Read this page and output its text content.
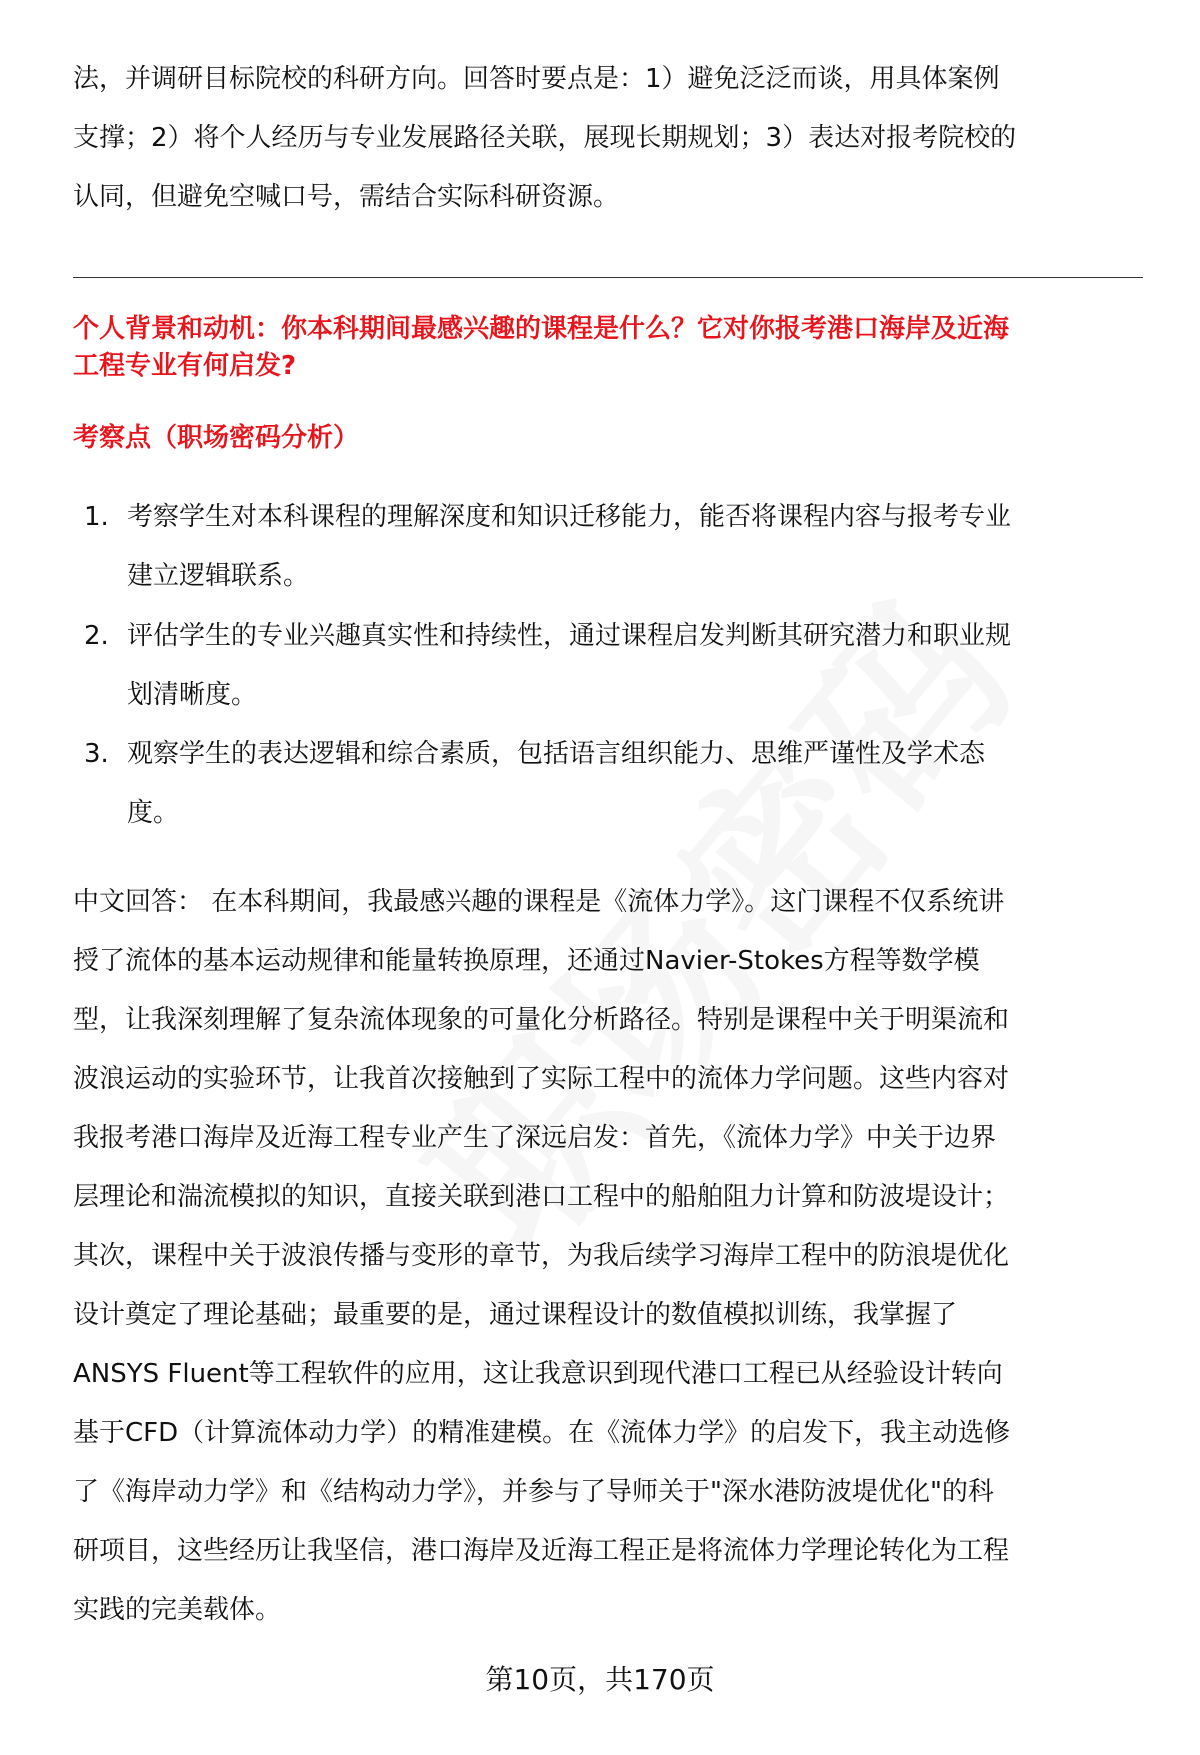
法，并调研目标院校的科研方向。回答时要点是：1）避免泛泛而谈，用具体案例
支撑；2）将个人经历与专业发展路径关联，展现长期规划；3）表达对报考院校的
认同，但避免空喊口号，需结合实际科研资源。
个人背景和动机：你本科期间最感兴趣的课程是什么？它对你报考港口海岸及近海
工程专业有何启发?
考察点（职场密码分析）
1. 考察学生对本科课程的理解深度和知识迁移能力，能否将课程内容与报考专业
建立逻辑联系。
2. 评估学生的专业兴趣真实性和持续性，通过课程启发判断其研究潜力和职业规
划清晰度。
3. 观察学生的表达逻辑和综合素质，包括语言组织能力、思维严谨性及学术态
度。
中文回答： 在本科期间，我最感兴趣的课程是《流体力学》。这门课程不仅系统讲
授了流体的基本运动规律和能量转换原理，还通过Navier-Stokes方程等数学模
型，让我深刻理解了复杂流体现象的可量化分析路径。特别是课程中关于明渠流和
波浪运动的实验环节，让我首次接触到了实际工程中的流体力学问题。这些内容对
我报考港口海岸及近海工程专业产生了深远启发：首先，《流体力学》中关于边界
层理论和湍流模拟的知识，直接关联到港口工程中的船舶阻力计算和防波堤设计；
其次，课程中关于波浪传播与变形的章节，为我后续学习海岸工程中的防浪堤优化
设计奠定了理论基础；最重要的是，通过课程设计的数值模拟训练，我掌握了
ANSYS Fluent等工程软件的应用，这让我意识到现代港口工程已从经验设计转向
基于CFD（计算流体动力学）的精准建模。在《流体力学》的启发下，我主动选修
了《海岸动力学》和《结构动力学》，并参与了导师关于"深水港防波堤优化"的科
研项目，这些经历让我坚信，港口海岸及近海工程正是将流体力学理论转化为工程
实践的完美载体。
第10页，共170页
